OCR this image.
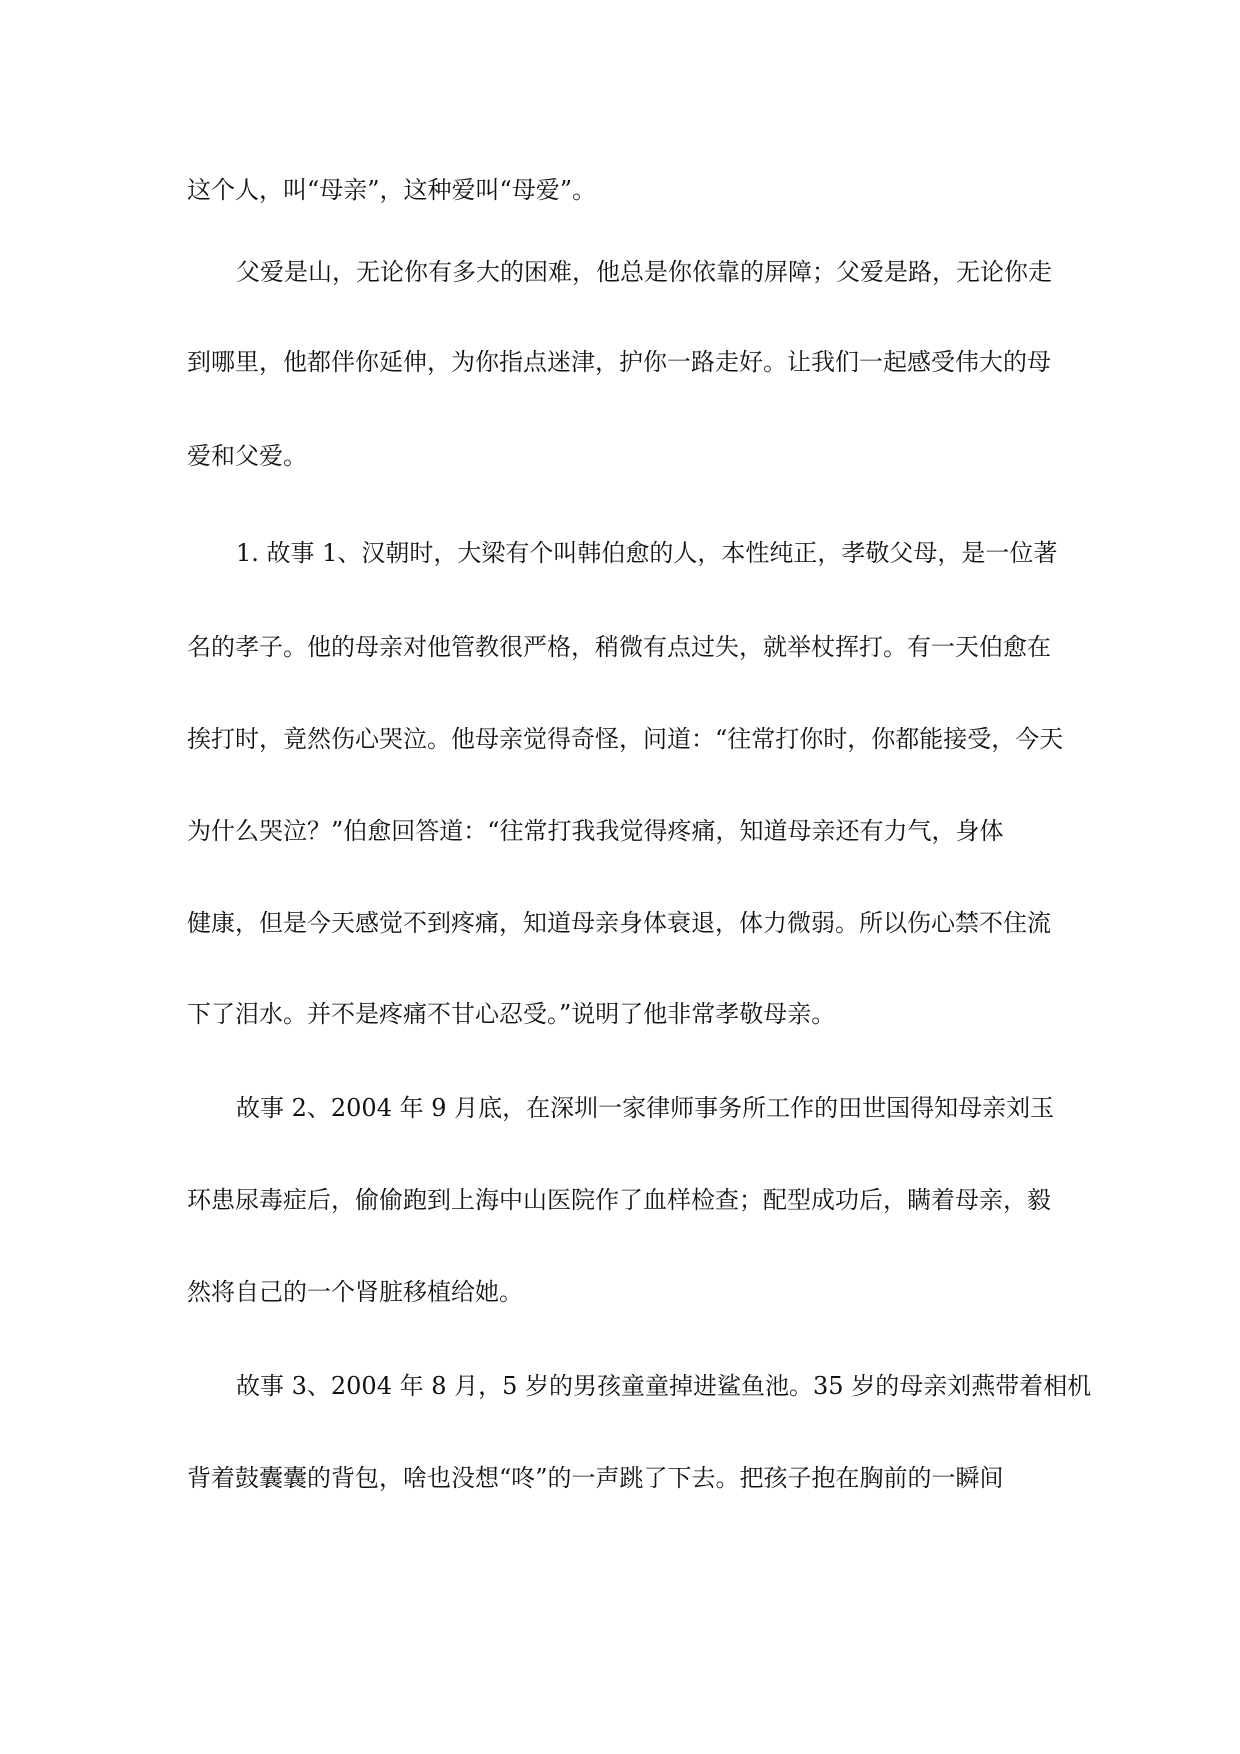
这个人，叫“母亲”，这种爱叫“母爱”。
父爱是山，无论你有多大的困难，他总是你依靠的屏障；父爱是路，无论你走
到哪里，他都伴你延伸，为你指点迷津，护你一路走好。让我们一起感受伟大的母
爱和父爱。
1. 故事 1、汉朝时，大梁有个叫韩伯愈的人，本性纯正，孝敬父母，是一位著
名的孝子。他的母亲对他管教很严格，稍微有点过失，就举杖挥打。有一天伯愈在
挨打时，竟然伤心哭泣。他母亲觉得奇怪，问道：“往常打你时，你都能接受，今天
为什么哭泣？”伯愈回答道：“往常打我我觉得疼痛，知道母亲还有力气，身体
健康，但是今天感觉不到疼痛，知道母亲身体衰退，体力微弱。所以伤心禁不住流
下了泪水。并不是疼痛不甘心忍受。”说明了他非常孝敬母亲。
故事 2、2004 年 9 月底，在深圳一家律师事务所工作的田世国得知母亲刘玉
环患尿毒症后，偷偷跑到上海中山医院作了血样检查；配型成功后，瞒着母亲，毅
然将自己的一个肾脏移植给她。
故事 3、2004 年 8 月，5 岁的男孩童童掉进鲨鱼池。35 岁的母亲刘燕带着相机
背着鼓囊囊的背包，啥也没想“咚”的一声跳了下去。把孩子抱在胸前的一瞬间
